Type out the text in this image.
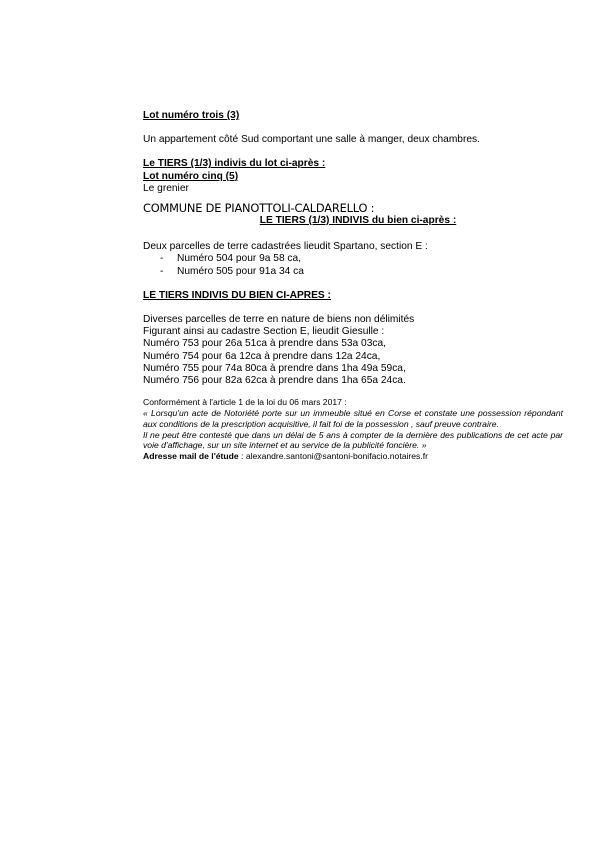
Lot numéro trois (3)
Un appartement côté Sud comportant une salle à manger, deux chambres.
Le TIERS (1/3) indivis du lot ci-après :
Lot numéro cinq (5)
Le grenier
COMMUNE DE PIANOTTOLI-CALDARELLO :
LE TIERS (1/3) INDIVIS du bien ci-après :
Deux parcelles de terre cadastrées lieudit Spartano, section E :
- Numéro 504 pour 9a 58 ca,
- Numéro 505 pour 91a 34 ca
LE TIERS INDIVIS DU BIEN CI-APRES :
Diverses parcelles de terre en nature de biens non délimités
Figurant ainsi au cadastre Section E, lieudit Giesulle :
Numéro 753 pour 26a 51ca à prendre dans 53a 03ca,
Numéro 754 pour 6a 12ca à prendre dans 12a 24ca,
Numéro 755 pour 74a 80ca à prendre dans 1ha 49a 59ca,
Numéro 756 pour 82a 62ca à prendre dans 1ha 65a 24ca.
Conformément à l'article 1 de la loi du 06 mars 2017 :
« Lorsqu'un acte de Notoriété porte sur un immeuble situé en Corse et constate une possession répondant aux conditions de la prescription acquisitive, il fait foi de la possession , sauf preuve contraire.
Il ne peut être contesté que dans un délai de 5 ans à compter de la dernière des publications de cet acte par voie d'affichage, sur un site internet et au service de la publicité foncière. »
Adresse mail de l'étude : alexandre.santoni@santoni-bonifacio.notaires.fr
